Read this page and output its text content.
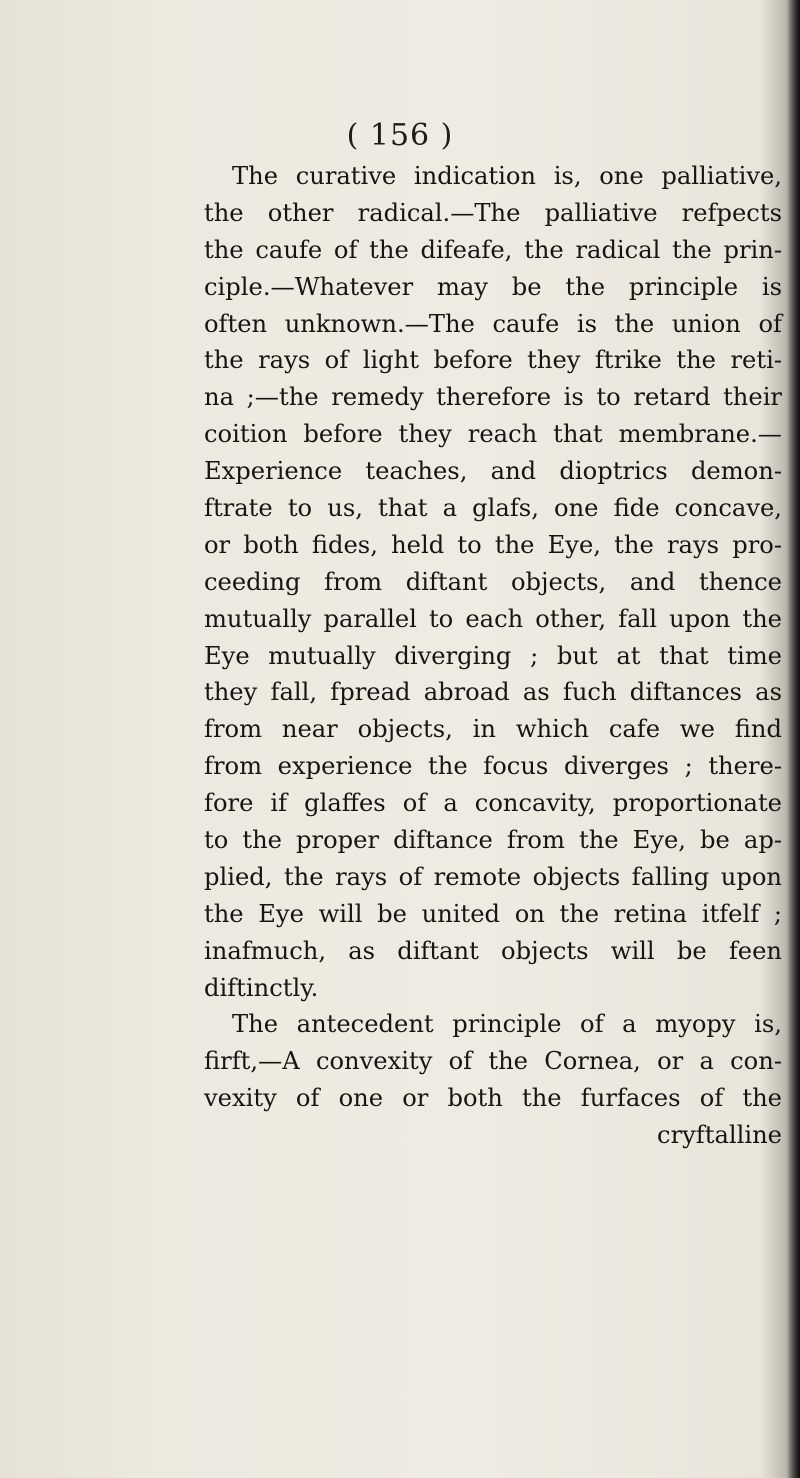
( 156 )
The curative indication is, one palliative,
the other radical.—The palliative refpects
the caufe of the difeafe, the radical the prin-
ciple.—Whatever may be the principle is
often unknown.—The caufe is the union of
the rays of light before they ftrike the reti-
na ;—the remedy therefore is to retard their
coition before they reach that membrane.—
Experience teaches, and dioptrics demon-
ftrate to us, that a glafs, one fide concave,
or both fides, held to the Eye, the rays pro-
ceeding from diftant objects, and thence
mutually parallel to each other, fall upon the
Eye mutually diverging ; but at that time
they fall, fpread abroad as fuch diftances as
from near objects, in which cafe we find
from experience the focus diverges ; there-
fore if glaffes of a concavity, proportionate
to the proper diftance from the Eye, be ap-
plied, the rays of remote objects falling upon
the Eye will be united on the retina itfelf ;
inafmuch, as diftant objects will be feen
diftinctly.
The antecedent principle of a myopy is,
firft,—A convexity of the Cornea, or a con-
vexity of one or both the furfaces of the
cryftalline
